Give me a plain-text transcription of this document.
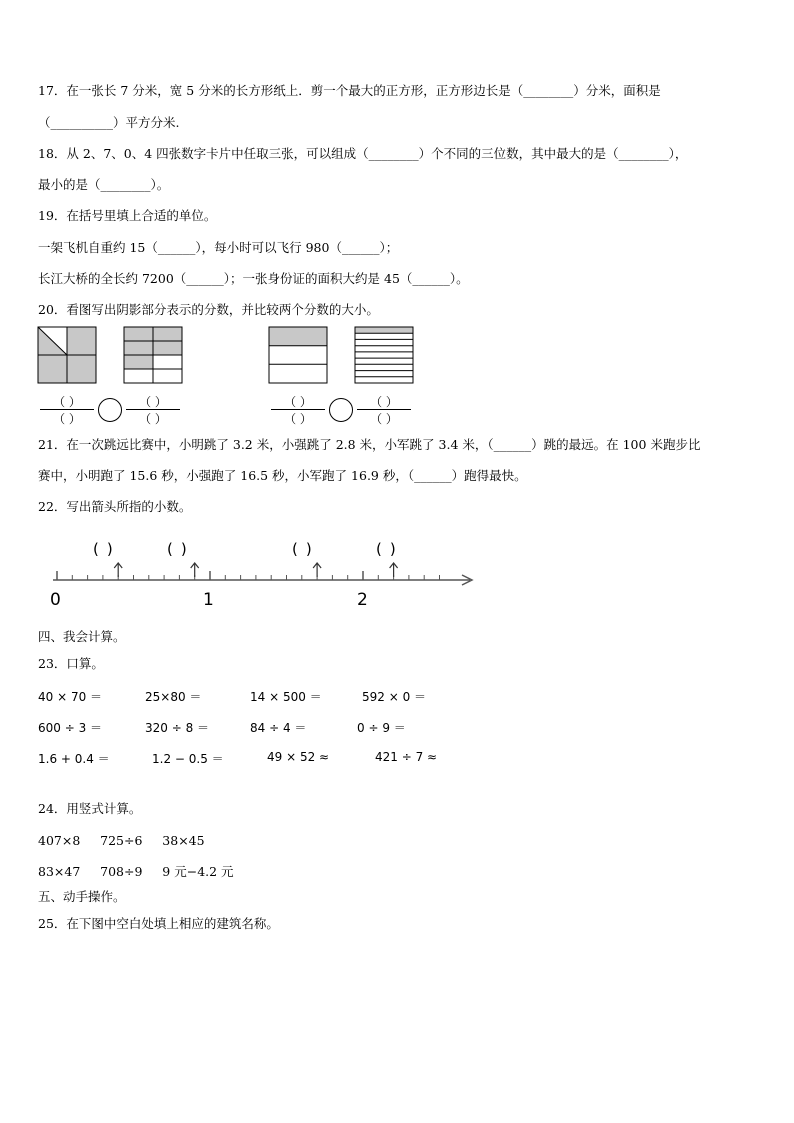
17．在一张长 7 分米，宽 5 分米的长方形纸上．剪一个最大的正方形，正方形边长是（________）分米，面积是
（__________）平方分米.
18．从 2、7、0、4 四张数字卡片中任取三张，可以组成（________）个不同的三位数，其中最大的是（________），
最小的是（________）。
19．在括号里填上合适的单位。
一架飞机自重约 15（______），每小时可以飞行 980（______）；
长江大桥的全长约 7200（______）；一张身份证的面积大约是 45（______）。
20．看图写出阴影部分表示的分数，并比较两个分数的大小。
（ ）
（ ）
（ ）
（ ）
（ ）
（ ）
（ ）
（ ）
21．在一次跳远比赛中，小明跳了 3.2 米，小强跳了 2.8 米，小军跳了 3.4 米，（______）跳的最远。在 100 米跑步比
赛中，小明跑了 15.6 秒，小强跑了 16.5 秒，小军跑了 16.9 秒，（______）跑得最快。
22．写出箭头所指的小数。
()	()	()	()
0	1	2
四、我会计算。
23．口算。
40 × 70 ＝	25×80 ＝	14 × 500 ＝	592 × 0 ＝
600 ÷ 3 ＝	320 ÷ 8 ＝	84 ÷ 4 ＝	0 ÷ 9 ＝
1.6 + 0.4 ＝	1.2 − 0.5 ＝	49 × 52 ≈	421 ÷ 7 ≈
24．用竖式计算。
407×8     725÷6     38×45
83×47     708÷9     9 元−4.2 元
五、动手操作。
25．在下图中空白处填上相应的建筑名称。
